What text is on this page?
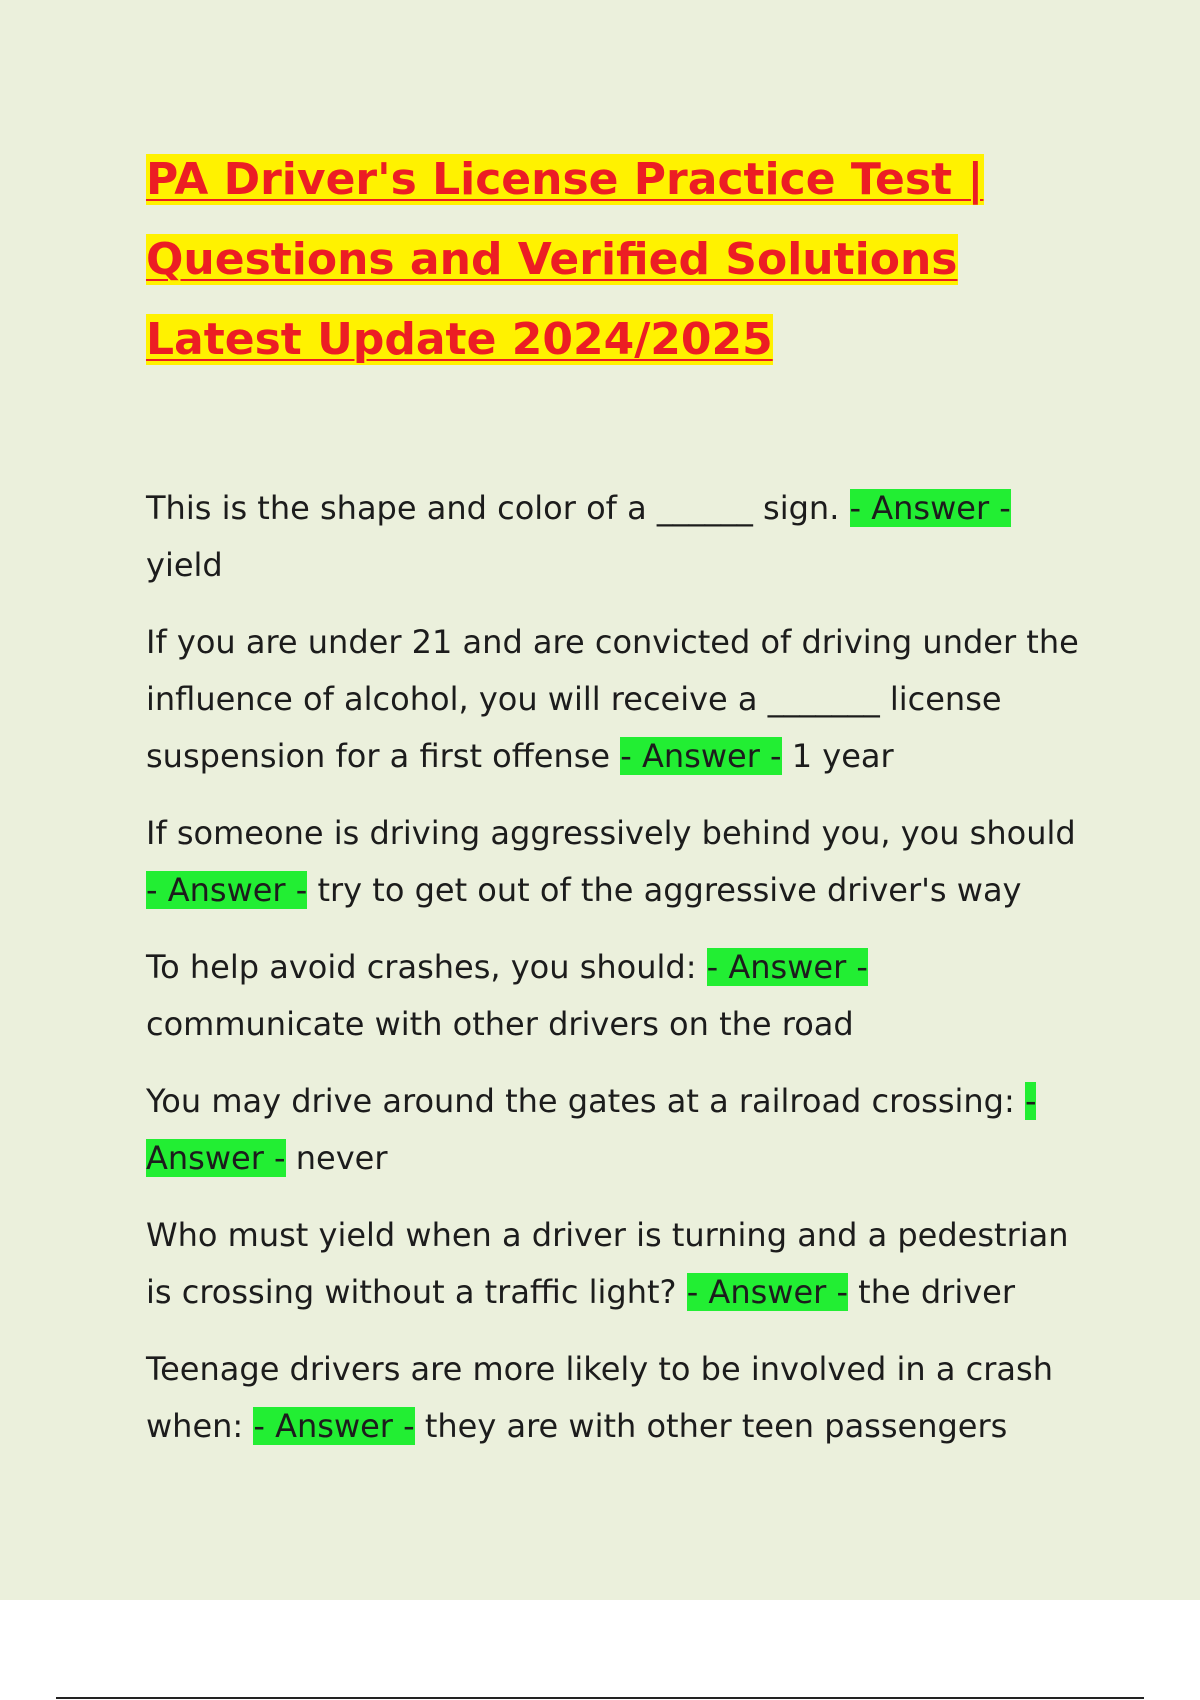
PA Driver's License Practice Test | Questions and Verified Solutions Latest Update 2024/2025
This is the shape and color of a ______ sign. - Answer - yield
If you are under 21 and are convicted of driving under the influence of alcohol, you will receive a _______ license suspension for a first offense - Answer - 1 year
If someone is driving aggressively behind you, you should - Answer - try to get out of the aggressive driver's way
To help avoid crashes, you should: - Answer - communicate with other drivers on the road
You may drive around the gates at a railroad crossing: - Answer - never
Who must yield when a driver is turning and a pedestrian is crossing without a traffic light? - Answer - the driver
Teenage drivers are more likely to be involved in a crash when: - Answer - they are with other teen passengers
